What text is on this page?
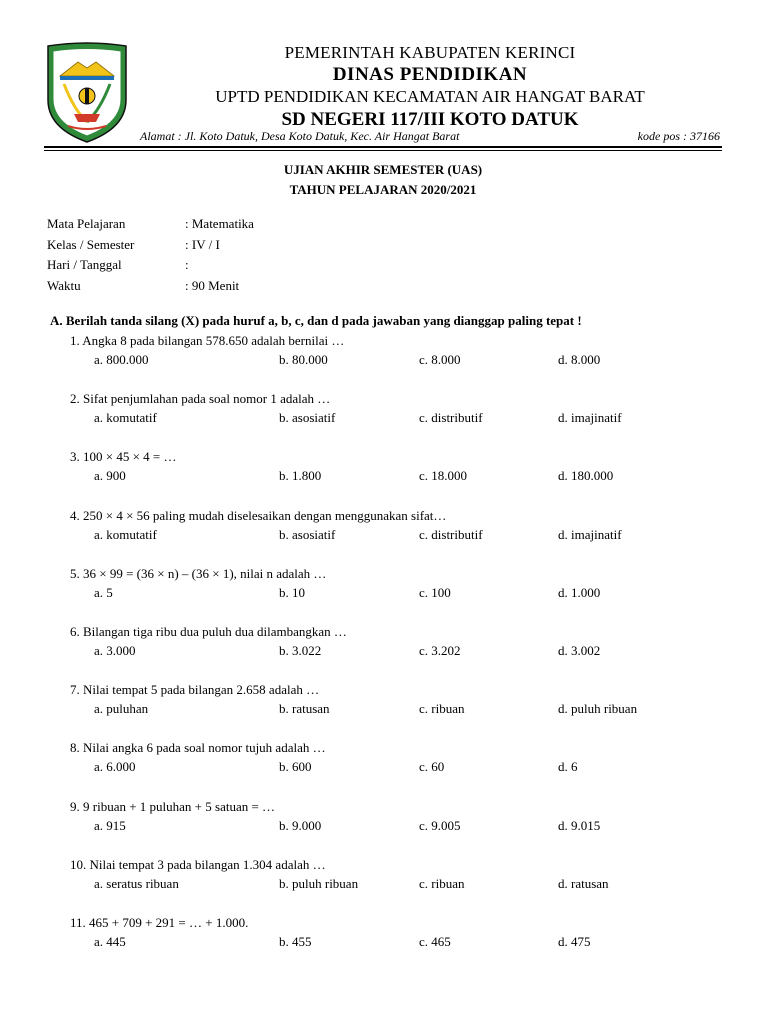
PEMERINTAH KABUPATEN KERINCI
DINAS PENDIDIKAN
UPTD PENDIDIKAN KECAMATAN AIR HANGAT BARAT
SD NEGERI 117/III KOTO DATUK
Alamat : Jl. Koto Datuk, Desa Koto Datuk, Kec. Air Hangat Barat	kode pos : 37166
UJIAN AKHIR SEMESTER (UAS)
TAHUN PELAJARAN 2020/2021
Mata Pelajaran	: Matematika
Kelas / Semester	: IV / I
Hari / Tanggal	:
Waktu	: 90 Menit
A. Berilah tanda silang (X) pada huruf a, b, c, dan d pada jawaban yang dianggap paling tepat !
1. Angka 8 pada bilangan 578.650 adalah bernilai …
a. 800.000	b. 80.000	c. 8.000	d. 8.000
2. Sifat penjumlahan pada soal nomor 1 adalah …
a. komutatif	b. asosiatif	c. distributif	d. imajinatif
3. 100 × 45 × 4 = …
a. 900	b. 1.800	c. 18.000	d. 180.000
4. 250 × 4 × 56 paling mudah diselesaikan dengan menggunakan sifat…
a. komutatif	b. asosiatif	c. distributif	d. imajinatif
5. 36 × 99 = (36 × n) – (36 × 1), nilai n adalah …
a. 5	b. 10	c. 100	d. 1.000
6. Bilangan tiga ribu dua puluh dua dilambangkan …
a. 3.000	b. 3.022	c. 3.202	d. 3.002
7. Nilai tempat 5 pada bilangan 2.658 adalah …
a. puluhan	b. ratusan	c. ribuan	d. puluh ribuan
8. Nilai angka 6 pada soal nomor tujuh adalah …
a. 6.000	b. 600	c. 60	d. 6
9. 9 ribuan + 1 puluhan + 5 satuan = …
a. 915	b. 9.000	c. 9.005	d. 9.015
10. Nilai tempat 3 pada bilangan 1.304 adalah …
a. seratus ribuan	b. puluh ribuan	c. ribuan	d. ratusan
11. 465 + 709 + 291 = … + 1.000.
a. 445	b. 455	c. 465	d. 475
